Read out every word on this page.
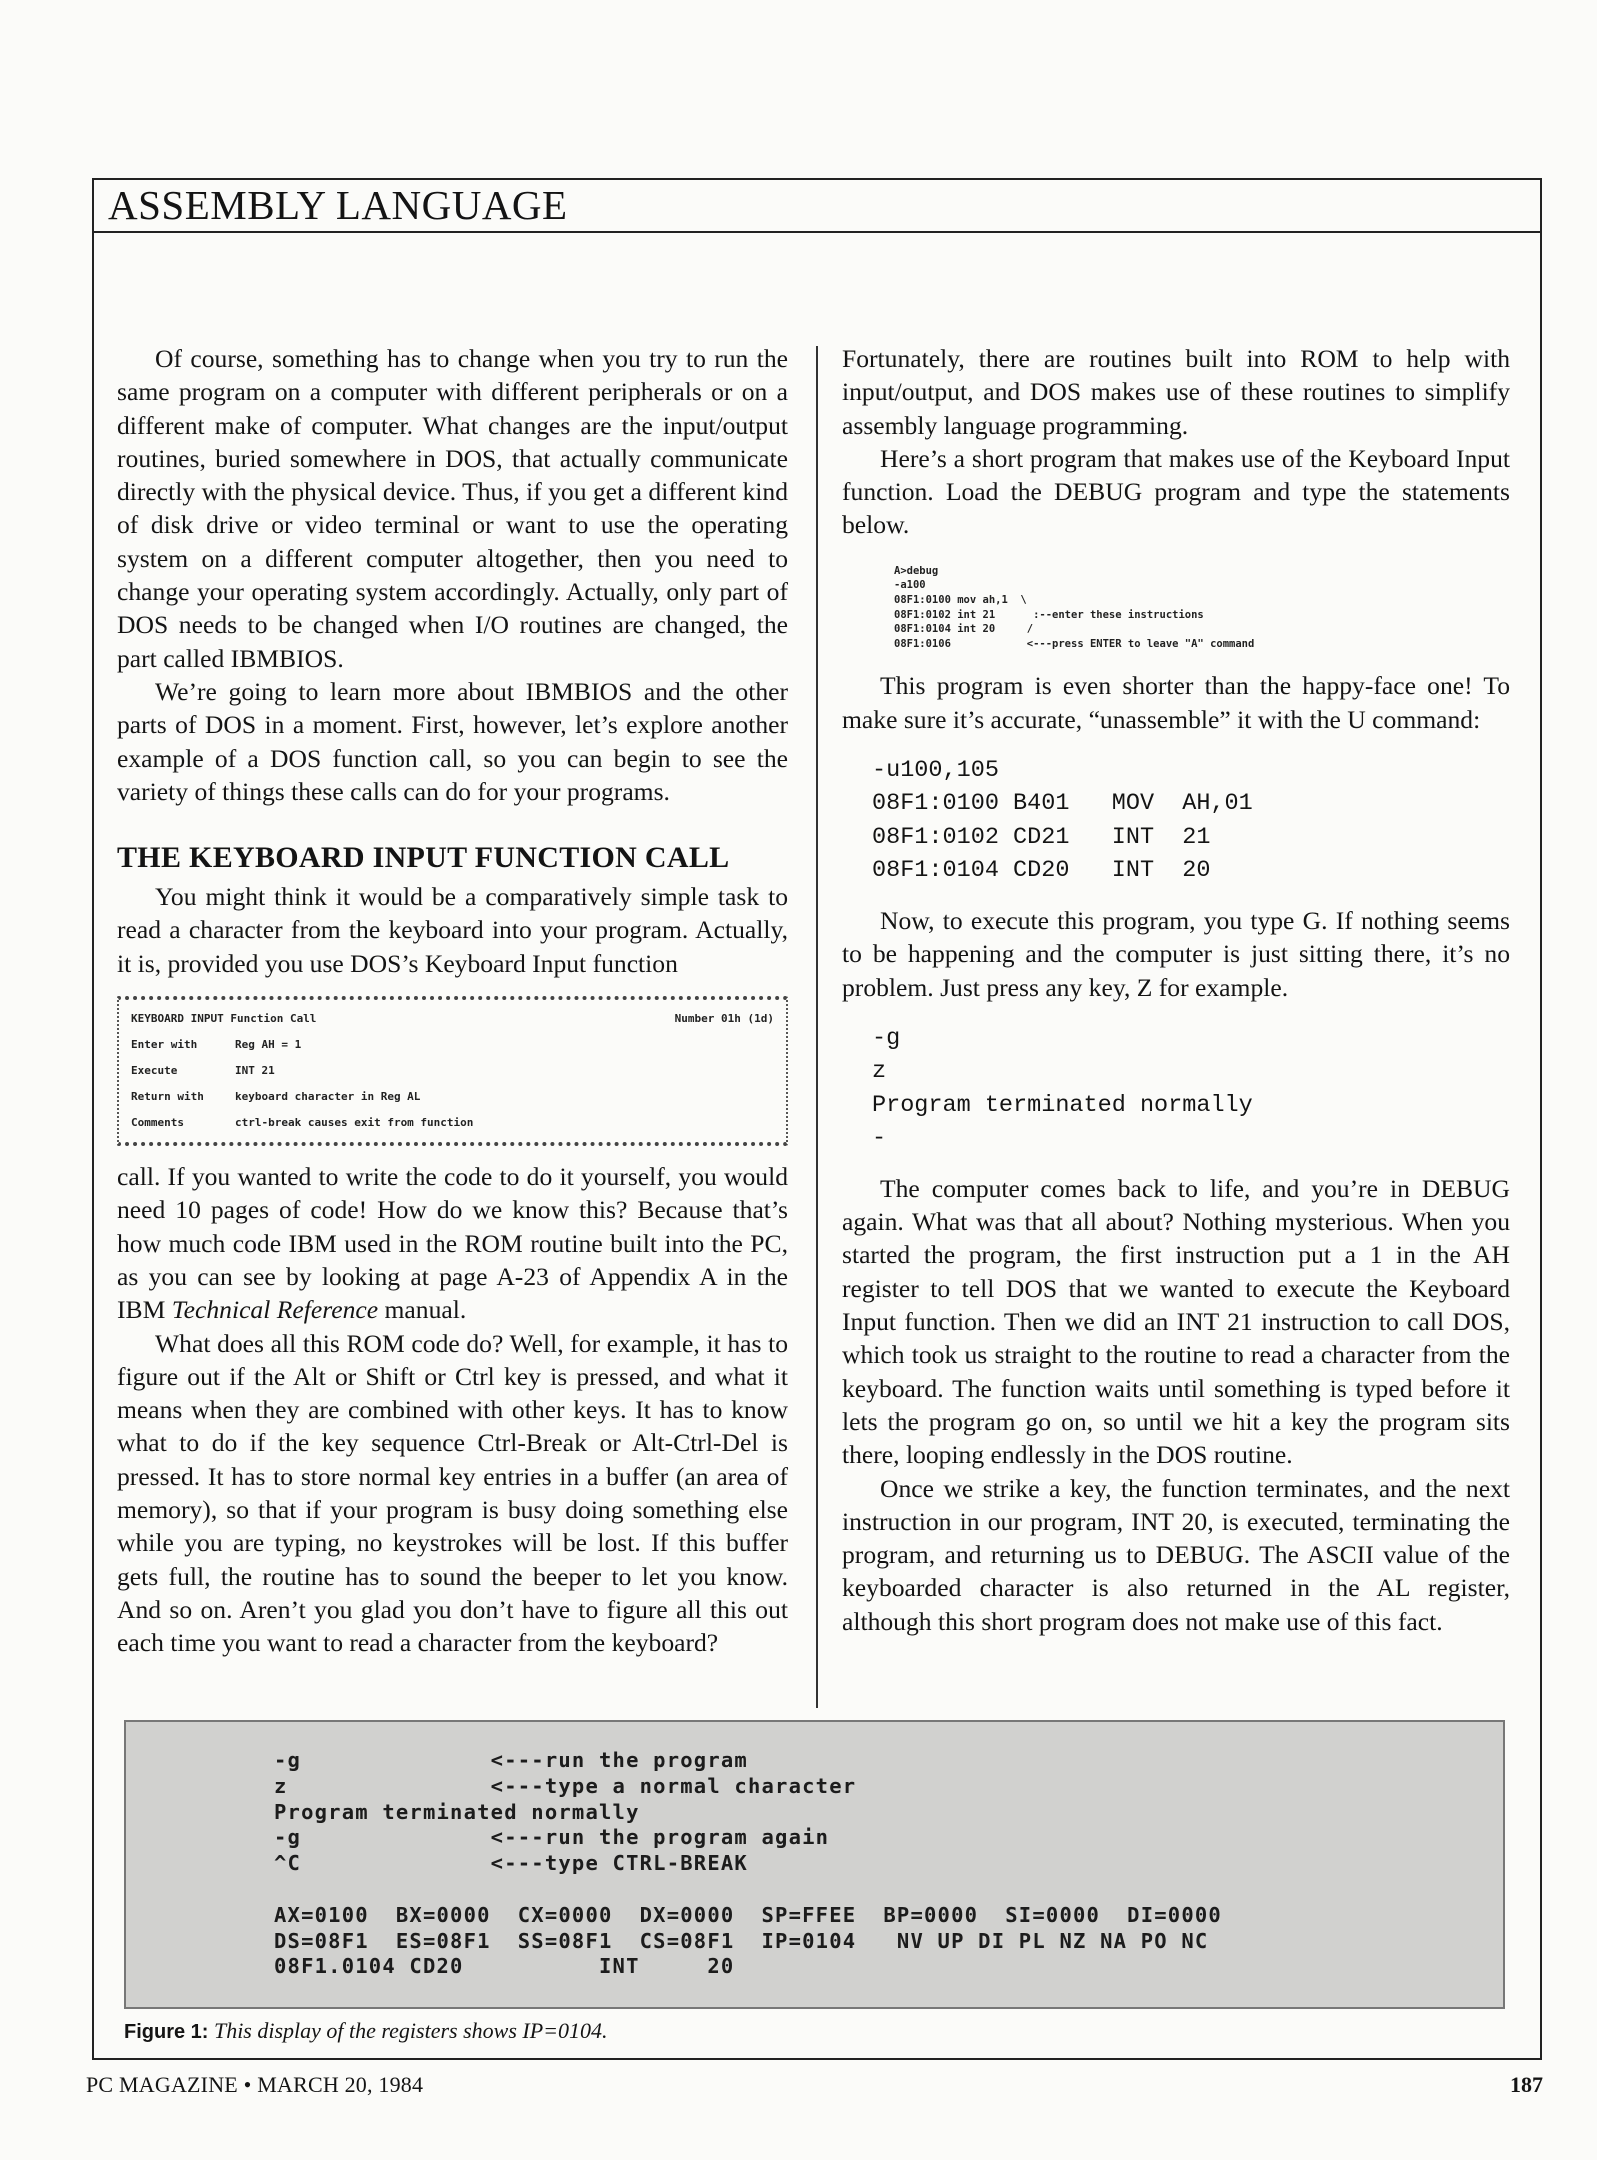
ASSEMBLY LANGUAGE

Of course, something has to change when you try to run the same program on a computer with different peripherals or on a different make of computer. What changes are the input/output routines, buried somewhere in DOS, that actually communicate directly with the physical device. Thus, if you get a different kind of disk drive or video terminal or want to use the operating system on a different computer altogether, then you need to change your operating system accordingly. Actually, only part of DOS needs to be changed when I/O routines are changed, the part called IBMBIOS.

We’re going to learn more about IBMBIOS and the other parts of DOS in a moment. First, however, let’s explore another example of a DOS function call, so you can begin to see the variety of things these calls can do for your programs.

THE KEYBOARD INPUT FUNCTION CALL

You might think it would be a comparatively simple task to read a character from the keyboard into your program. Actually, it is, provided you use DOS’s Keyboard Input function

KEYBOARD INPUT Function Call	Number 01h (1d)
Enter with	Reg AH = 1
Execute	INT 21
Return with	keyboard character in Reg AL
Comments	ctrl-break causes exit from function

call. If you wanted to write the code to do it yourself, you would need 10 pages of code! How do we know this? Because that’s how much code IBM used in the ROM routine built into the PC, as you can see by looking at page A-23 of Appendix A in the IBM Technical Reference manual.

What does all this ROM code do? Well, for example, it has to figure out if the Alt or Shift or Ctrl key is pressed, and what it means when they are combined with other keys. It has to know what to do if the key sequence Ctrl-Break or Alt-Ctrl-Del is pressed. It has to store normal key entries in a buffer (an area of memory), so that if your program is busy doing something else while you are typing, no keystrokes will be lost. If this buffer gets full, the routine has to sound the beeper to let you know. And so on. Aren’t you glad you don’t have to figure all this out each time you want to read a character from the keyboard?

Fortunately, there are routines built into ROM to help with input/output, and DOS makes use of these routines to simplify assembly language programming.

Here’s a short program that makes use of the Keyboard Input function. Load the DEBUG program and type the statements below.

A>debug
-a100
08F1:0100 mov ah,1  \
08F1:0102 int 21      :--enter these instructions
08F1:0104 int 20     /
08F1:0106            <---press ENTER to leave "A" command

This program is even shorter than the happy-face one! To make sure it’s accurate, “unassemble” it with the U command:

-u100,105
08F1:0100 B401   MOV  AH,01
08F1:0102 CD21   INT  21
08F1:0104 CD20   INT  20

Now, to execute this program, you type G. If nothing seems to be happening and the computer is just sitting there, it’s no problem. Just press any key, Z for example.

-g
z
Program terminated normally
-

The computer comes back to life, and you’re in DEBUG again. What was that all about? Nothing mysterious. When you started the program, the first instruction put a 1 in the AH register to tell DOS that we wanted to execute the Keyboard Input function. Then we did an INT 21 instruction to call DOS, which took us straight to the routine to read a character from the keyboard. The function waits until something is typed before it lets the program go on, so until we hit a key the program sits there, looping endlessly in the DOS routine.

Once we strike a key, the function terminates, and the next instruction in our program, INT 20, is executed, terminating the program, and returning us to DEBUG. The ASCII value of the keyboarded character is also returned in the AL register, although this short program does not make use of this fact.

-g              <---run the program
z               <---type a normal character
Program terminated normally
-g              <---run the program again
^C              <---type CTRL-BREAK

AX=0100  BX=0000  CX=0000  DX=0000  SP=FFEE  BP=0000  SI=0000  DI=0000
DS=08F1  ES=08F1  SS=08F1  CS=08F1  IP=0104   NV UP DI PL NZ NA PO NC
08F1.0104 CD20          INT     20
Figure 1: This display of the registers shows IP=0104.
PC MAGAZINE • MARCH 20, 1984	187
